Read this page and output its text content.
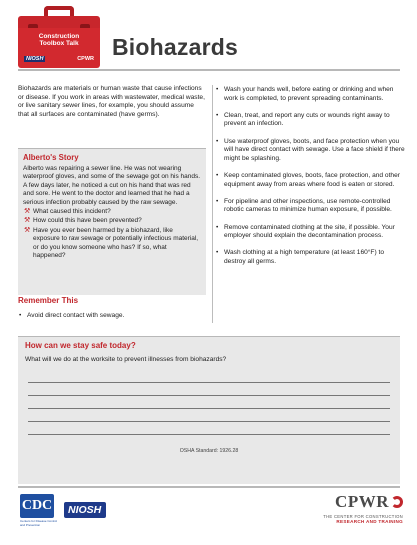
Construction
Toolbox Talk
NIOSH	CPWR Biohazards
Biohazards are materials or human waste that cause infections or disease. If you work in areas with wastewater, medical waste, or live sanitary sewer lines, for example, you should assume that all surfaces are contaminated (have germs).
Alberto's Story
Alberto was repairing a sewer line. He was not wearing waterproof gloves, and some of the sewage got on his hands. A few days later, he noticed a cut on his hand that was red and sore. He went to the doctor and learned that he had a serious infection probably caused by the raw sewage.
⚒ What caused this incident?
⚒ How could this have been prevented?
⚒ Have you ever been harmed by a biohazard, like exposure to raw sewage or potentially infectious material, or do you know someone who has? If so, what happened?
Remember This
• Avoid direct contact with sewage.
• Wash your hands well, before eating or drinking and when work is completed, to prevent spreading contaminants.
• Clean, treat, and report any cuts or wounds right away to prevent an infection.
• Use waterproof gloves, boots, and face protection when you will have direct contact with sewage. Use a face shield if there might be splashing.
• Keep contaminated gloves, boots, face protection, and other equipment away from areas where food is eaten or stored.
• For pipeline and other inspections, use remote-controlled robotic cameras to minimize human exposure, if possible.
• Remove contaminated clothing at the site, if possible. Your employer should explain the decontamination process.
• Wash clothing at a high temperature (at least 160°F) to destroy all germs.
How can we stay safe today?
What will we do at the worksite to prevent illnesses from biohazards?
OSHA Standard: 1926.28
CDC
Centers for Disease Control and Prevention
NIOSH	CPWR
THE CENTER FOR CONSTRUCTION
RESEARCH AND TRAINING
